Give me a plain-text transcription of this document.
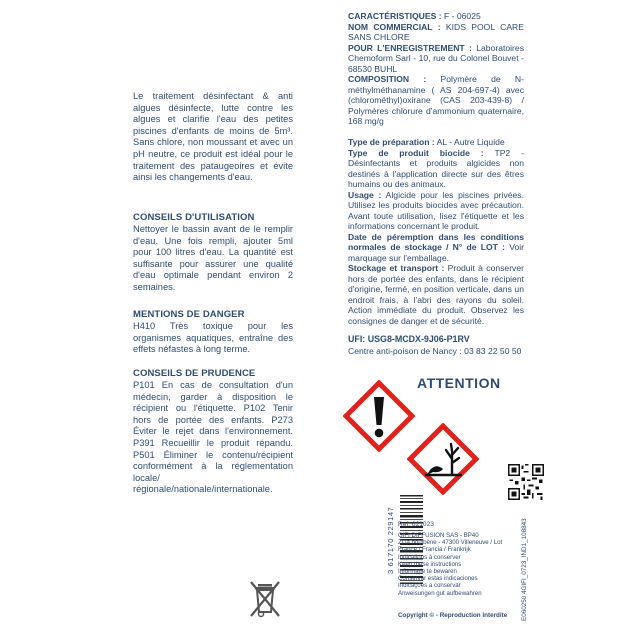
Le traitement désinfectant & anti algues désinfecte, lutte contre les algues et clarifie l'eau des petites piscines d'enfants de moins de 5m³. Sans chlore, non moussant et avec un pH neutre, ce produit est idéal pour le traitement des pataugeoires et évite ainsi les changements d'eau.

CONSEILS D'UTILISATION

Nettoyer le bassin avant de le remplir d'eau. Une fois rempli, ajouter 5ml pour 100 litres d'eau. La quantité est suffisante pour assurer une qualité d'eau optimale pendant environ 2 semaines.

MENTIONS DE DANGER

H410 Très toxique pour les organismes aquatiques, entraîne des effets néfastes à long terme.

CONSEILS DE PRUDENCE

P101 En cas de consultation d'un médecin, garder à disposition le récipient ou l'étiquette. P102 Tenir hors de portée des enfants. P273 Éviter le rejet dans l'environnement. P391 Recueillir le produit répandu. P501 Éliminer le contenu/récipient conformément à la réglementation locale/ régionale/nationale/internationale.

CARACTÉRISTIQUES : F - 06025
NOM COMMERCIAL : KIDS POOL CARE SANS CHLORE
POUR L'ENREGISTREMENT : Laboratoires Chemoform Sarl - 10, rue du Colonel Bouvet - 68530 BUHL
COMPOSITION : Polymère de N-méthylméthanamine ( AS 204-697-4) avec (chlorométhyl)oxirane (CAS 203-439-8) / Polymères chlorure d'ammonium quaternaire, 168 mg/g

Type de préparation : AL - Autre Liquide
Type de produit biocide : TP2 - Désinfectants et produits algicides non destinés à l'application directe sur des êtres humains ou des animaux.
Usage : Algicide pour les piscines privées. Utilisez les produits biocides avec précaution. Avant toute utilisation, lisez l'étiquette et les informations concernant le produit.
Date de péremption dans les conditions normales de stockage / N° de LOT : Voir marquage sur l'emballage.
Stockage et transport : Produit à conserver hors de portée des enfants, dans le récipient d'origine, fermé, en position verticale, dans un endroit frais, à l'abri des rayons du soleil. Action immédiate du produit. Observez les consignes de danger et de sécurité.

UFI: USG8-MCDX-9J06-P1RV
Centre anti-poison de Nancy : 03 83 22 50 50
ATTENTION
3 617170 229147 Ref: 621023
GIFI DIFFUSION SAS - BP40
ZI la boulbène - 47300 Villeneuve / Lot
France / Francia / Frankrijk
Indications à conserver
Keep these instructions
Informatie te bewaren
Conservar estas indicaciones
Indicações a conservar
Anweisungen gut aufbewahren
Copyright © - Reproduction Interdite E060250 4GIFI_0723_IND1_108843
